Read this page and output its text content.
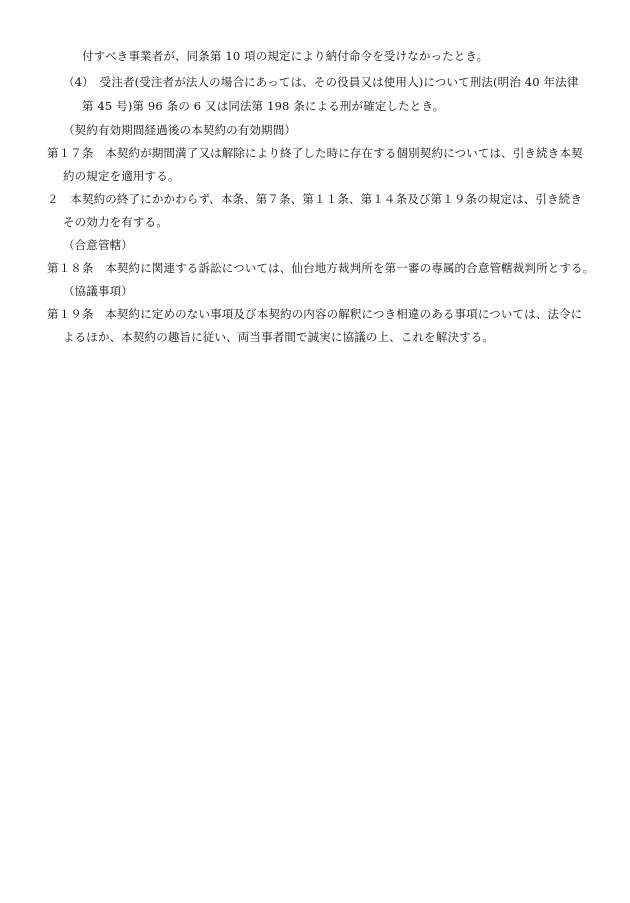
付すべき事業者が、同条第 10 項の規定により納付命令を受けなかったとき。
（4）　受注者(受注者が法人の場合にあっては、その役員又は使用人)について刑法(明治 40 年法律
第 45 号)第 96 条の 6 又は同法第 198 条による刑が確定したとき。
（契約有効期間経過後の本契約の有効期間）
第１７条　本契約が期間満了又は解除により終了した時に存在する個別契約については、引き続き本契
約の規定を適用する。
２　本契約の終了にかかわらず、本条、第７条、第１１条、第１４条及び第１９条の規定は、引き続き
その効力を有する。
（合意管轄）
第１８条　本契約に関連する訴訟については、仙台地方裁判所を第一審の専属的合意管轄裁判所とする。
（協議事項）
第１９条　本契約に定めのない事項及び本契約の内容の解釈につき相違のある事項については、法令に
よるほか、本契約の趣旨に従い、両当事者間で誠実に協議の上、これを解決する。
